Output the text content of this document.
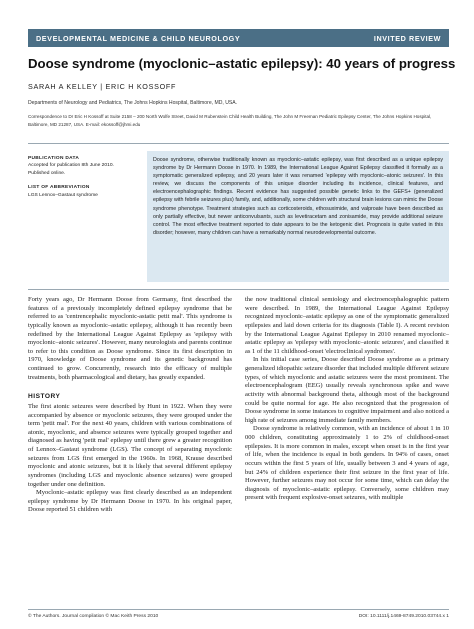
DEVELOPMENTAL MEDICINE & CHILD NEUROLOGY	INVITED REVIEW
Doose syndrome (myoclonic–astatic epilepsy): 40 years of progress
SARAH A KELLEY | ERIC H KOSSOFF
Departments of Neurology and Pediatrics, The Johns Hopkins Hospital, Baltimore, MD, USA.
Correspondence to Dr Eric H Kossoff at Suite 2158 – 200 North Wolfe Street, David M Rubenstein Child Health Building, The John M Freeman Pediatric Epilepsy Center, The Johns Hopkins Hospital,
Baltimore, MD 21287, USA. E-mail: ekossoff@jhmi.edu
PUBLICATION DATA
Accepted for publication 8th June 2010.
Published online.
LIST OF ABBREVIATION
LGS Lennox–Gastaut syndrome
Doose syndrome, otherwise traditionally known as myoclonic–astatic epilepsy, was first described as a unique epilepsy syndrome by Dr Hermann Doose in 1970. In 1989, the International League Against Epilepsy classified it formally as a symptomatic generalized epilepsy, and 20 years later it was renamed 'epilepsy with myoclonic–atonic seizures'. In this review, we discuss the components of this unique disorder including its incidence, clinical features, and electroencephalographic findings. Recent evidence has suggested possible genetic links to the GEFS+ (generalized epilepsy with febrile seizures plus) family, and, additionally, some children with structural brain lesions can mimic the Doose syndrome phenotype. Treatment strategies such as corticosteroids, ethosuximide, and valproate have been described as only partially effective, but newer anticonvulsants, such as levetiracetam and zonisamide, may provide additional seizure control. The most effective treatment reported to date appears to be the ketogenic diet. Prognosis is quite varied in this disorder; however, many children can have a remarkably normal neurodevelopmental outcome.

Forty years ago, Dr Hermann Doose from Germany, first described the features of a previously incompletely defined epilepsy syndrome that he referred to as 'centrencephalic myoclonic-astatic petit mal'. This syndrome is typically known as myoclonic–astatic epilepsy, although it has recently been redefined by the International League Against Epilepsy as 'epilepsy with myoclonic–atonic seizures'. However, many neurologists and parents continue to refer to this condition as Doose syndrome. Since its first description in 1970, knowledge of Doose syndrome and its genetic background has continued to grow. Concurrently, research into the efficacy of multiple treatments, both pharmacological and dietary, has greatly expanded.

HISTORY

The first atonic seizures were described by Hunt in 1922. When they were accompanied by absence or myoclonic seizures, they were grouped under the term 'petit mal'. For the next 40 years, children with various combinations of atonic, myoclonic, and absence seizures were typically grouped together and diagnosed as having 'petit mal' epilepsy until there grew a greater recognition of Lennox–Gastaut syndrome (LGS). The concept of separating myoclonic seizures from LGS first emerged in the 1960s. In 1968, Krause described myoclonic and atonic seizures, but it is likely that several different epilepsy syndromes (including LGS and myoclonic absence seizures) were grouped together under one definition.

Myoclonic–astatic epilepsy was first clearly described as an independent epilepsy syndrome by Dr Hermann Doose in 1970. In his original paper, Doose reported 51 children with

the now traditional clinical semiology and electroencephalographic pattern were described. In 1989, the International League Against Epilepsy recognized myoclonic–astatic epilepsy as one of the symptomatic generalized epilepsies and laid down criteria for its diagnosis (Table I). A recent revision by the International League Against Epilepsy in 2010 renamed myoclonic–astatic epilepsy as 'epilepsy with myoclonic–atonic seizures', and classified it as 1 of the 11 childhood-onset 'electroclinical syndromes'.

In his initial case series, Doose described Doose syndrome as a primary generalized idiopathic seizure disorder that included multiple different seizure types, of which myoclonic and astatic seizures were the most prominent. The electroencephalogram (EEG) usually reveals synchronous spike and wave activity with abnormal background theta, although most of the background could be quite normal for age. He also recognized that the progression of Doose syndrome in some instances to cognitive impairment and also noticed a high rate of seizures among immediate family members.

Doose syndrome is relatively common, with an incidence of about 1 in 10 000 children, constituting approximately 1 to 2% of childhood-onset epilepsies. It is more common in males, except when onset is in the first year of life, when the incidence is equal in both genders. In 94% of cases, onset occurs within the first 5 years of life, usually between 3 and 4 years of age, but 24% of children experience their first seizure in the first year of life. However, further seizures may not occur for some time, which can delay the diagnosis of myoclonic–astatic epilepsy. Conversely, some children may present with frequent explosive-onset seizures, with multiple

© The Authors. Journal compilation © Mac Keith Press 2010	DOI: 10.1111/j.1469-8749.2010.03744.x 1
